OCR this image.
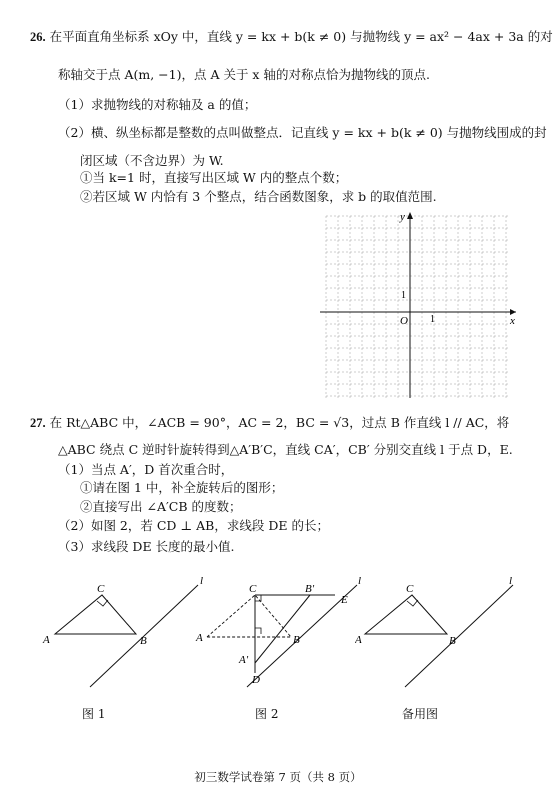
26. 在平面直角坐标系 xOy 中，直线 y = kx + b(k ≠ 0) 与抛物线 y = ax² − 4ax + 3a 的对
称轴交于点 A(m, −1)，点 A 关于 x 轴的对称点恰为抛物线的顶点.
（1）求抛物线的对称轴及 a 的值；
（2）横、纵坐标都是整数的点叫做整点．记直线 y = kx + b(k ≠ 0) 与抛物线围成的封
闭区域（不含边界）为 W.
①当 k=1 时，直接写出区域 W 内的整点个数；
②若区域 W 内恰有 3 个整点，结合函数图象，求 b 的取值范围.
x
y
O 1
1
27. 在 Rt△ABC 中，∠ACB = 90°，AC = 2，BC = √3，过点 B 作直线 l // AC，将
△ABC 绕点 C 逆时针旋转得到△A′B′C，直线 CA′，CB′ 分别交直线 l 于点 D，E.
（1）当点 A′，D 首次重合时，
①请在图 1 中，补全旋转后的图形；
②直接写出 ∠A′CB 的度数；
（2）如图 2，若 CD ⊥ AB，求线段 DE 的长；
（3）求线段 DE 长度的最小值.
A	B
C
l
图 1
A	B
C	B′
E
A′
D
l
图 2
A	B
C
l
备用图
初三数学试卷第 7 页（共 8 页）
